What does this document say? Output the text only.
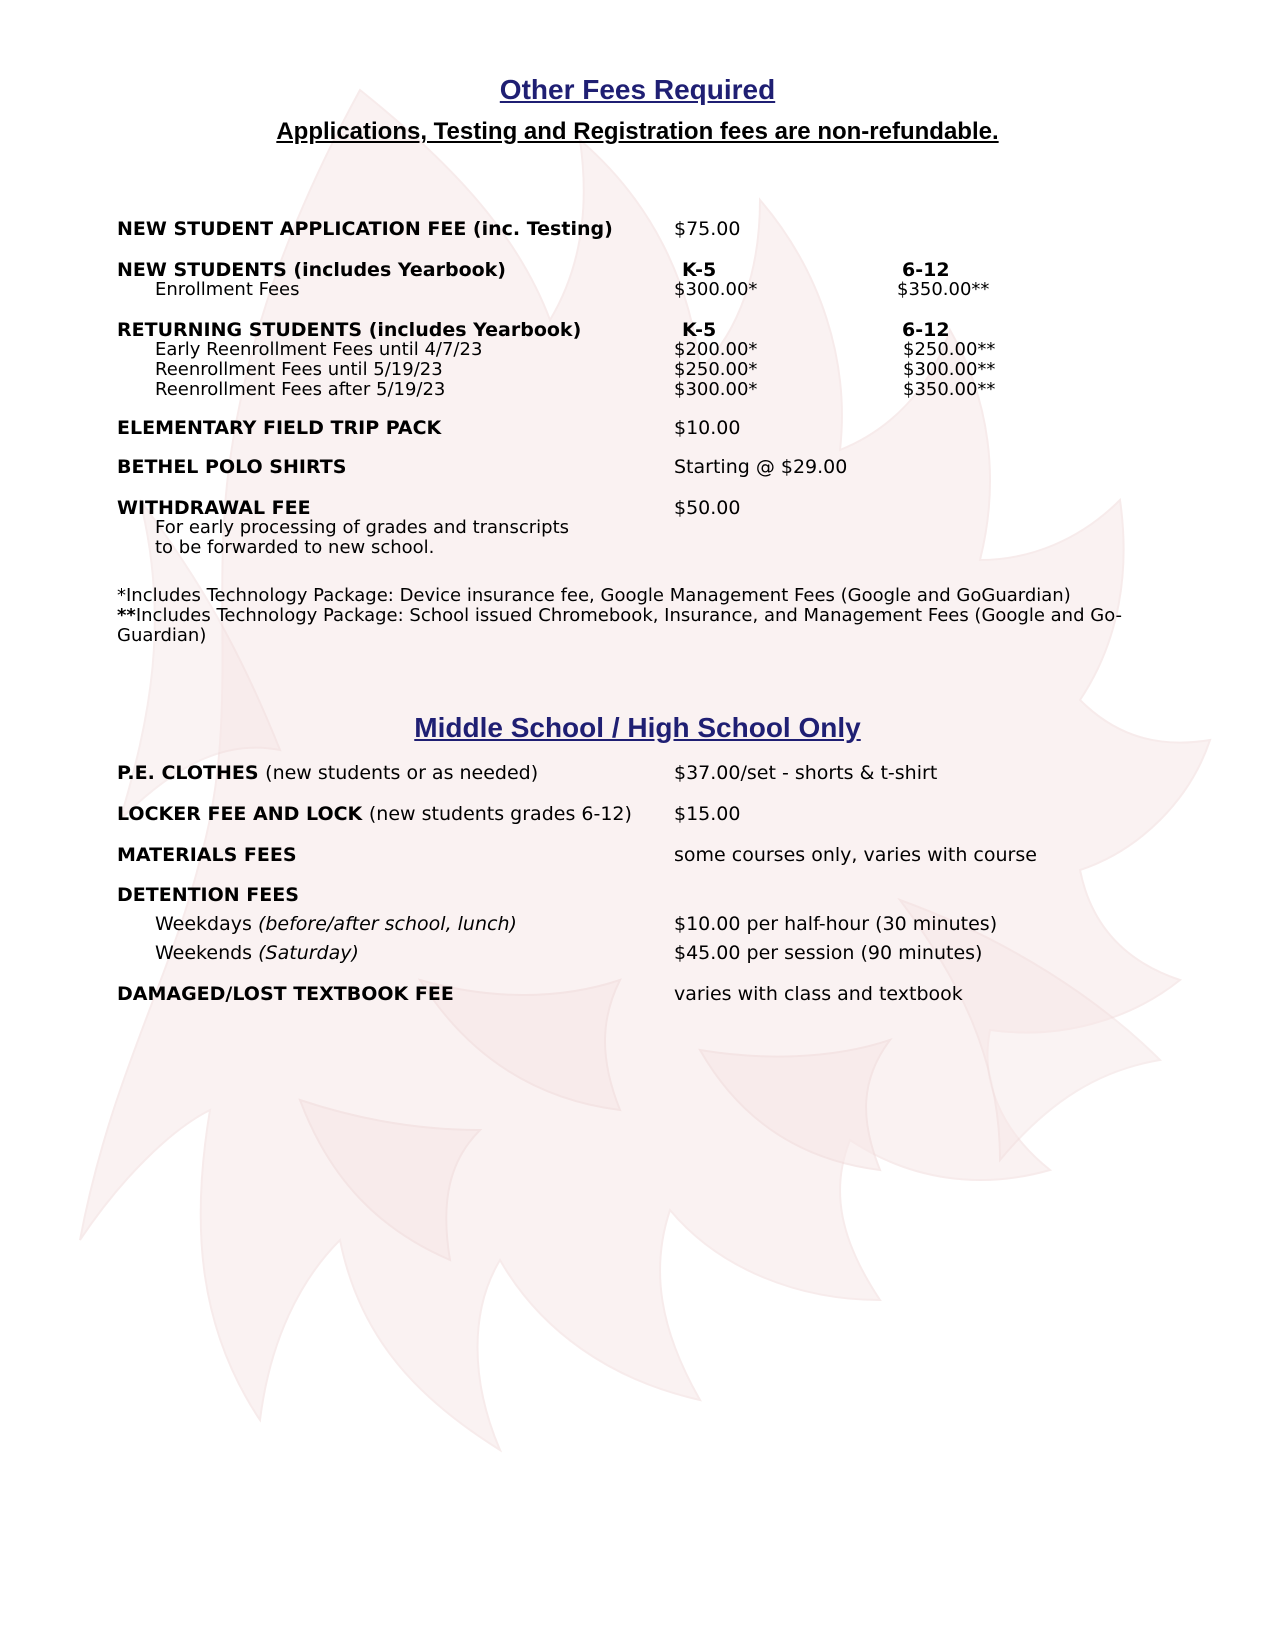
Other Fees Required
Applications, Testing and Registration fees are non-refundable.
NEW STUDENT APPLICATION FEE (inc. Testing)	$75.00
NEW STUDENTS (includes Yearbook)	K-5	6-12
Enrollment Fees	$300.00*	$350.00**
RETURNING STUDENTS (includes Yearbook)	K-5	6-12
Early Reenrollment Fees until 4/7/23	$200.00*	$250.00**
Reenrollment Fees until 5/19/23	$250.00*	$300.00**
Reenrollment Fees after 5/19/23	$300.00*	$350.00**
ELEMENTARY FIELD TRIP PACK	$10.00
BETHEL POLO SHIRTS	Starting @ $29.00
WITHDRAWAL FEE	$50.00
For early processing of grades and transcripts
to be forwarded to new school.
*Includes Technology Package: Device insurance fee, Google Management Fees (Google and GoGuardian)
**Includes Technology Package: School issued Chromebook, Insurance, and Management Fees (Google and Go-
Guardian)
Middle School / High School Only
P.E. CLOTHES (new students or as needed)	$37.00/set - shorts & t-shirt
LOCKER FEE AND LOCK (new students grades 6-12) $15.00
MATERIALS FEES	some courses only, varies with course
DETENTION FEES
Weekdays (before/after school, lunch)	$10.00 per half-hour (30 minutes)
Weekends (Saturday)	$45.00 per session (90 minutes)
DAMAGED/LOST TEXTBOOK FEE	varies with class and textbook
